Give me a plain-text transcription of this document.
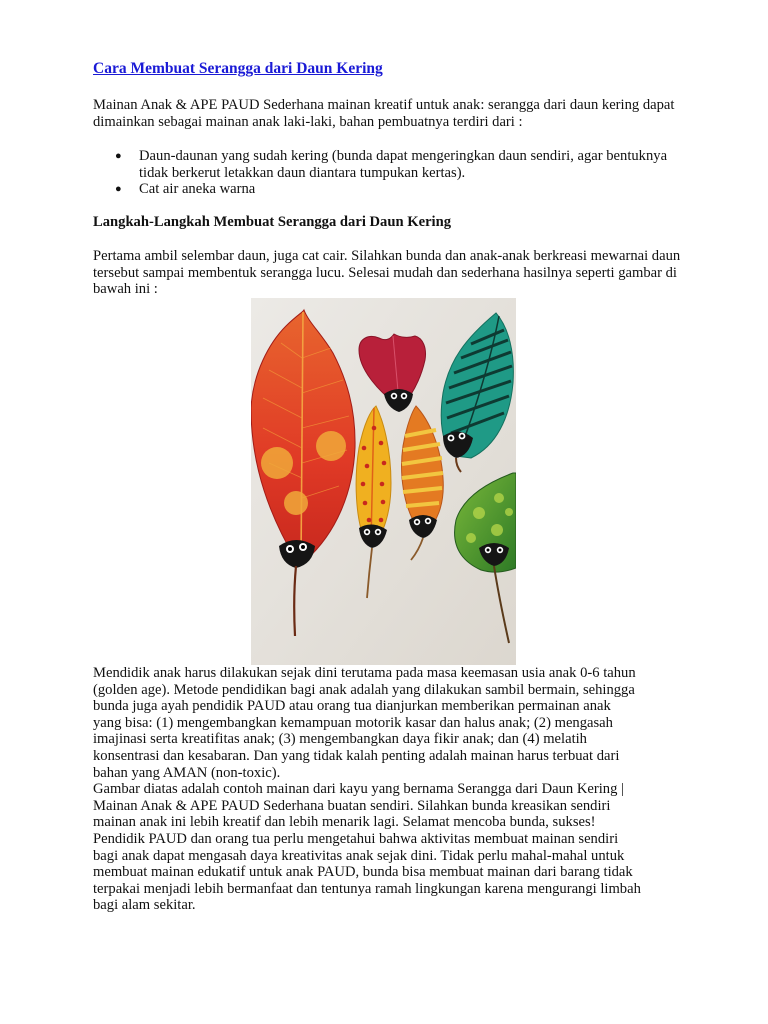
Cara Membuat Serangga dari Daun Kering

Mainan Anak & APE PAUD Sederhana mainan kreatif untuk anak: serangga dari daun kering dapat dimainkan sebagai mainan anak laki-laki, bahan pembuatnya terdiri dari :

● Daun-daunan yang sudah kering (bunda dapat mengeringkan daun sendiri, agar bentuknya tidak berkerut letakkan daun diantara tumpukan kertas).
● Cat air aneka warna

Langkah-Langkah Membuat Serangga dari Daun Kering

Pertama ambil selembar daun, juga cat cair. Silahkan bunda dan anak-anak berkreasi mewarnai daun tersebut sampai membentuk serangga lucu. Selesai mudah dan sederhana hasilnya seperti gambar di bawah ini :

Mendidik anak harus dilakukan sejak dini terutama pada masa keemasan usia anak 0-6 tahun
(golden age). Metode pendidikan bagi anak adalah yang dilakukan sambil bermain, sehingga
bunda juga ayah pendidik PAUD atau orang tua dianjurkan memberikan permainan anak
yang bisa: (1) mengembangkan kemampuan motorik kasar dan halus anak; (2) mengasah
imajinasi serta kreatifitas anak; (3) mengembangkan daya fikir anak; dan (4) melatih
konsentrasi dan kesabaran. Dan yang tidak kalah penting adalah mainan harus terbuat dari
bahan yang AMAN (non-toxic).
Gambar diatas adalah contoh mainan dari kayu yang bernama Serangga dari Daun Kering |
Mainan Anak & APE PAUD Sederhana buatan sendiri. Silahkan bunda kreasikan sendiri
mainan anak ini lebih kreatif dan lebih menarik lagi. Selamat mencoba bunda, sukses!
Pendidik PAUD dan orang tua perlu mengetahui bahwa aktivitas membuat mainan sendiri
bagi anak dapat mengasah daya kreativitas anak sejak dini. Tidak perlu mahal-mahal untuk
membuat mainan edukatif untuk anak PAUD, bunda bisa membuat mainan dari barang tidak
terpakai menjadi lebih bermanfaat dan tentunya ramah lingkungan karena mengurangi limbah
bagi alam sekitar.
